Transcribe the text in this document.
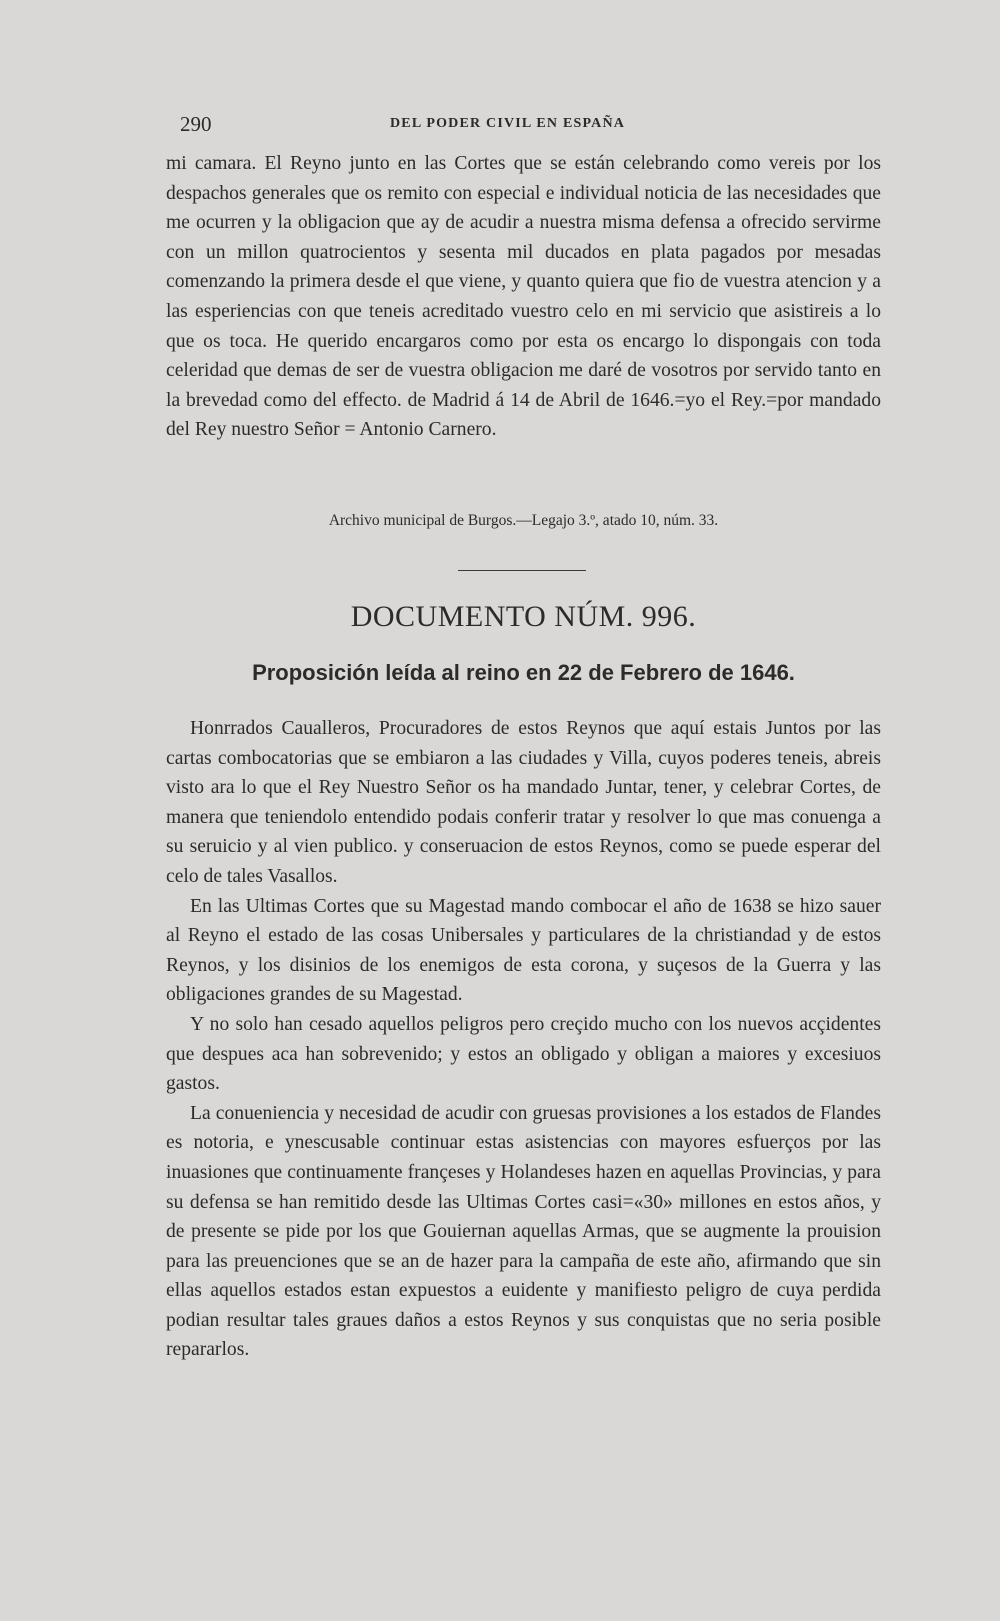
290	DEL PODER CIVIL EN ESPAÑA

mi camara. El Reyno junto en las Cortes que se están celebrando como vereis por los despachos generales que os remito con especial e individual noticia de las necesidades que me ocurren y la obligacion que ay de acudir a nuestra misma defensa a ofrecido servirme con un millon quatrocientos y sesenta mil ducados en plata pagados por mesadas comenzando la primera desde el que viene, y quanto quiera que fio de vuestra atencion y a las esperiencias con que teneis acreditado vuestro celo en mi servicio que asistireis a lo que os toca. He querido encargaros como por esta os encargo lo dispongais con toda celeridad que demas de ser de vuestra obligacion me daré de vosotros por servido tanto en la brevedad como del effecto. de Madrid á 14 de Abril de 1646.=yo el Rey.=por mandado del Rey nuestro Señor = Antonio Carnero.

Archivo municipal de Burgos.—Legajo 3.º, atado 10, núm. 33.
DOCUMENTO NÚM. 996.
Proposición leída al reino en 22 de Febrero de 1646.

Honrrados Caualleros, Procuradores de estos Reynos que aquí estais Juntos por las cartas combocatorias que se embiaron a las ciudades y Villa, cuyos poderes teneis, abreis visto ara lo que el Rey Nuestro Señor os ha mandado Juntar, tener, y celebrar Cortes, de manera que teniendolo entendido podais conferir tratar y resolver lo que mas conuenga a su seruicio y al vien publico. y conseruacion de estos Reynos, como se puede esperar del celo de tales Vasallos.

En las Ultimas Cortes que su Magestad mando combocar el año de 1638 se hizo sauer al Reyno el estado de las cosas Unibersales y particulares de la christiandad y de estos Reynos, y los disinios de los enemigos de esta corona, y suçesos de la Guerra y las obligaciones grandes de su Magestad.

Y no solo han cesado aquellos peligros pero creçido mucho con los nuevos acçidentes que despues aca han sobrevenido; y estos an obligado y obligan a maiores y excesiuos gastos.

La conueniencia y necesidad de acudir con gruesas provisiones a los estados de Flandes es notoria, e ynescusable continuar estas asistencias con mayores esfuerços por las inuasiones que continuamente françeses y Holandeses hazen en aquellas Provincias, y para su defensa se han remitido desde las Ultimas Cortes casi=«30» millones en estos años, y de presente se pide por los que Gouiernan aquellas Armas, que se augmente la prouision para las preuenciones que se an de hazer para la campaña de este año, afirmando que sin ellas aquellos estados estan expuestos a euidente y manifiesto peligro de cuya perdida podian resultar tales graues daños a estos Reynos y sus conquistas que no seria posible repararlos.
